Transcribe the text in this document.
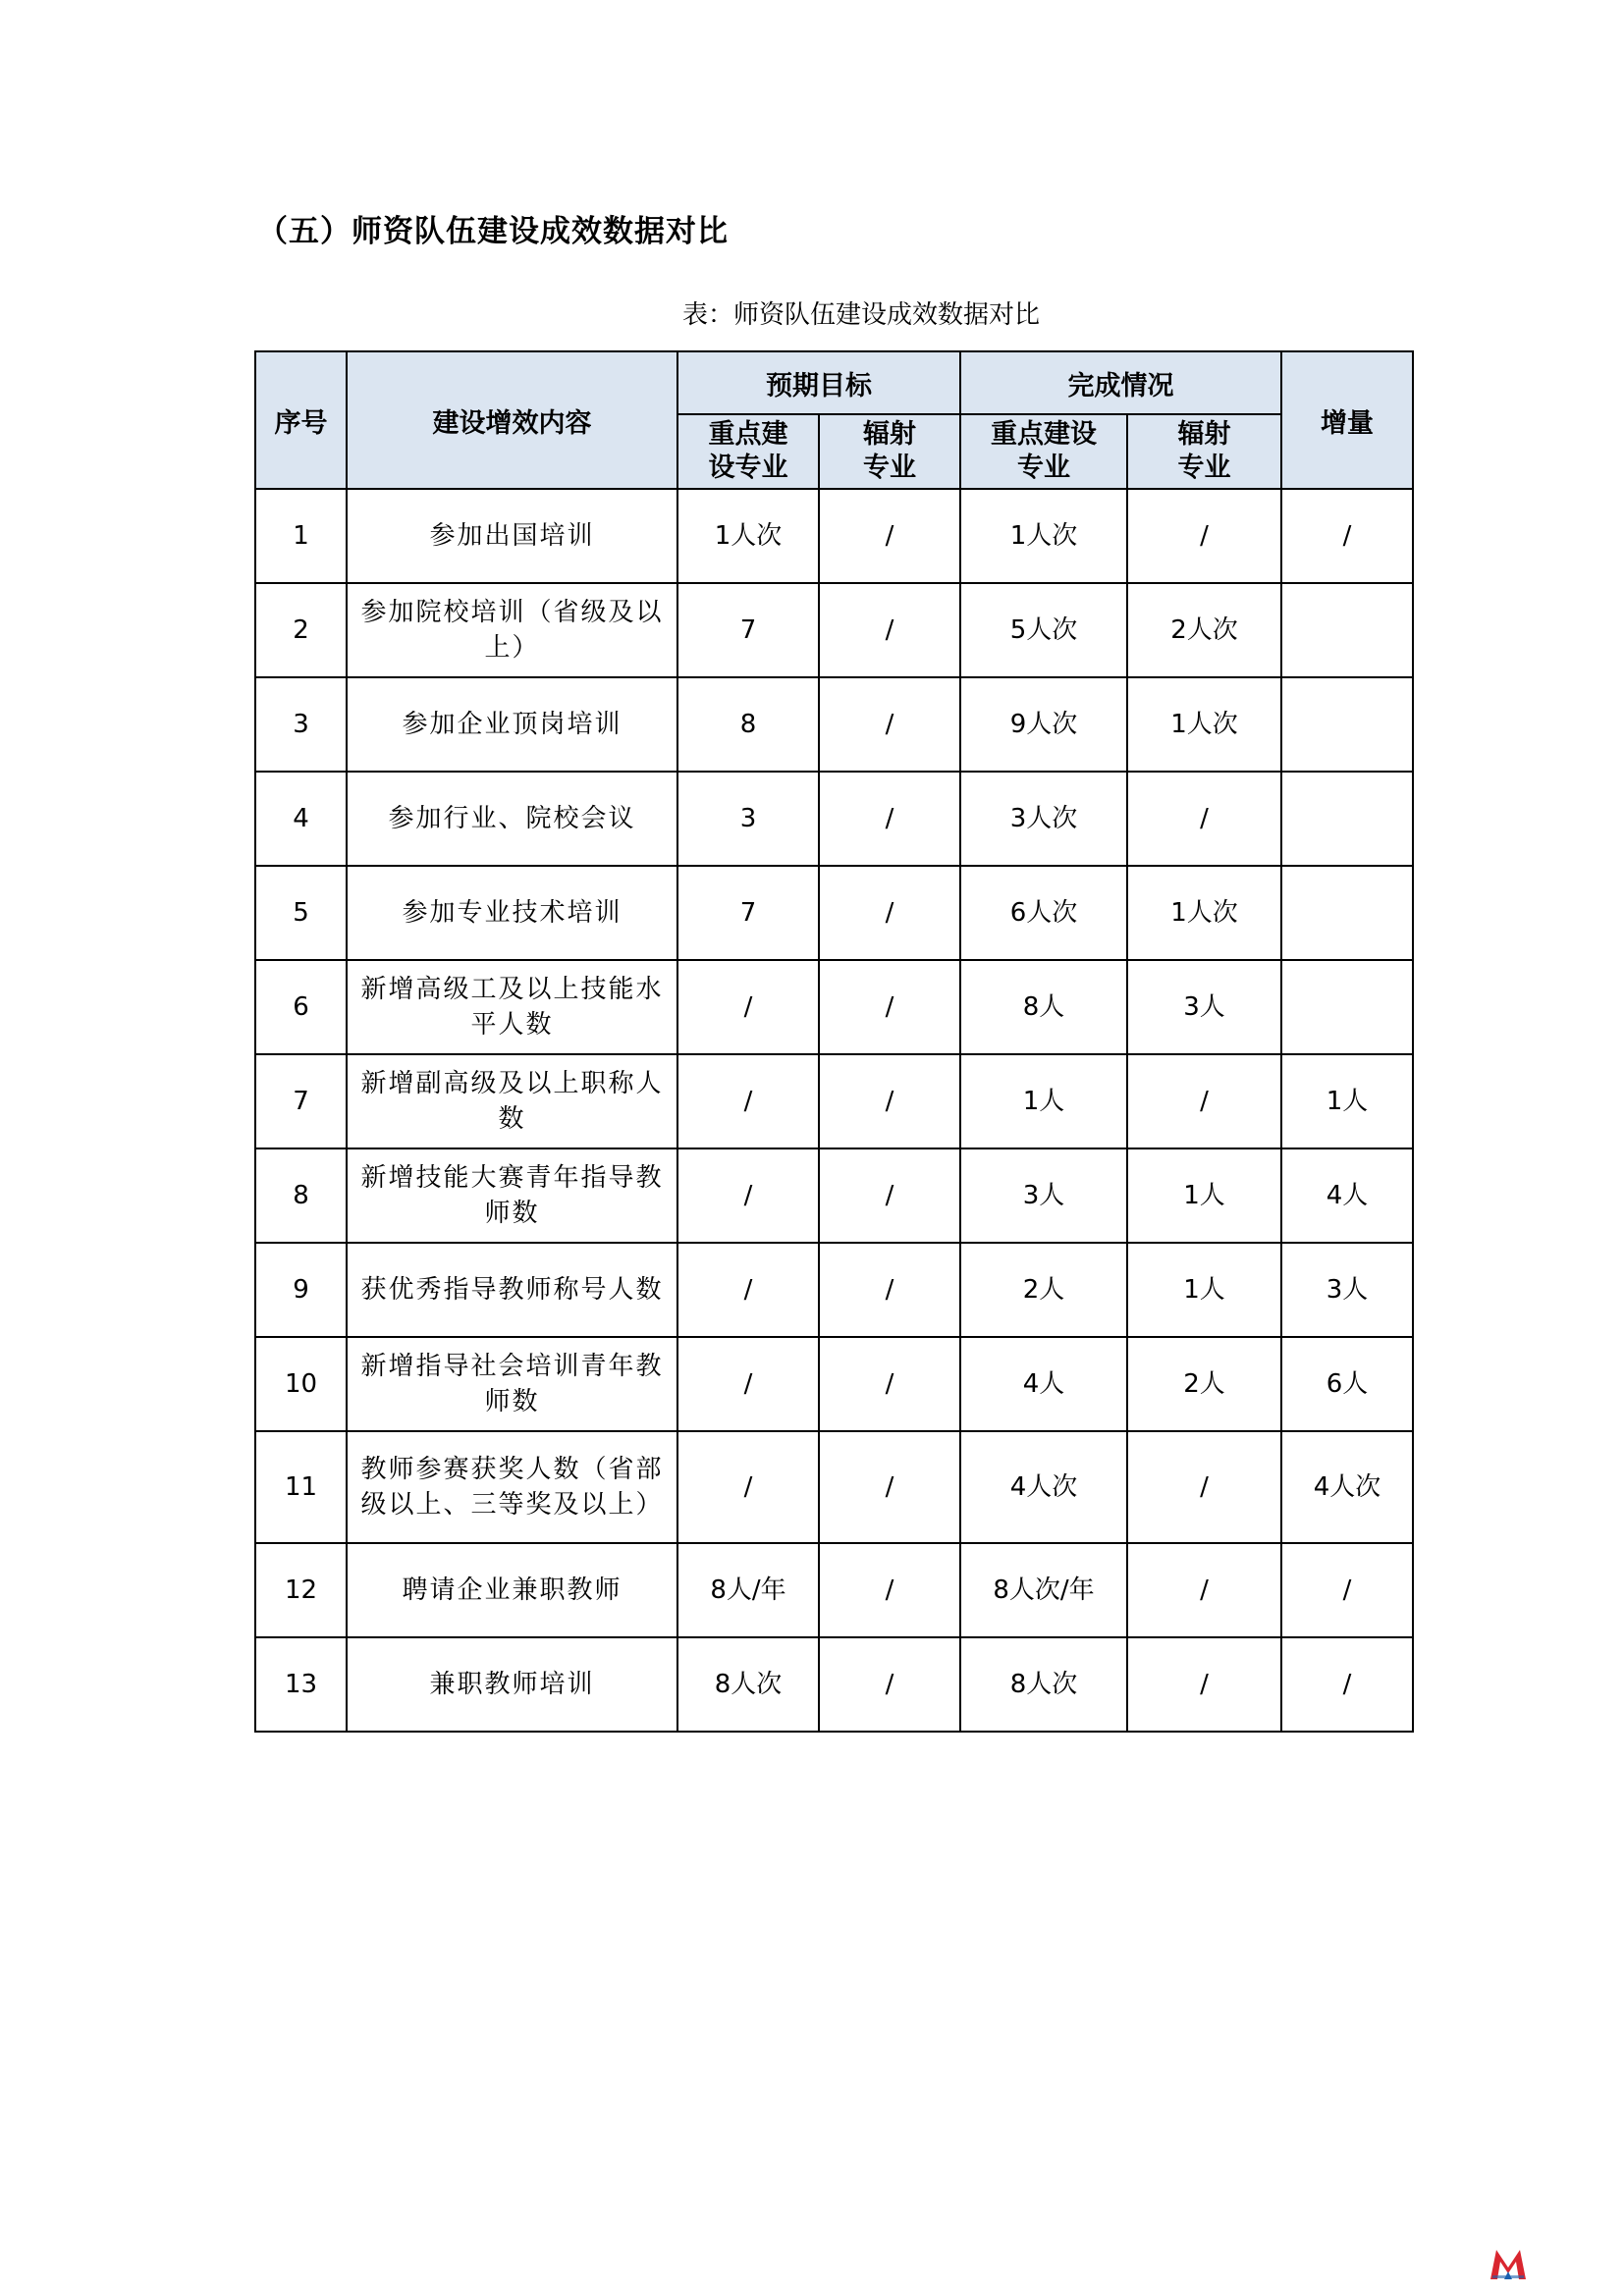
（五）师资队伍建设成效数据对比
表：师资队伍建设成效数据对比
序号	建设增效内容	预期目标		完成情况		增量
		重点建设专业	辐射专业	重点建设专业	辐射专业	
1	参加出国培训	1人次	/	1人次	/	/
2	参加院校培训（省级及以上）	7	/	5人次	2人次	
3	参加企业顶岗培训	8	/	9人次	1人次	
4	参加行业、院校会议	3	/	3人次	/	
5	参加专业技术培训	7	/	6人次	1人次	
6	新增高级工及以上技能水平人数	/	/	8人	3人	
7	新增副高级及以上职称人数	/	/	1人	/	1人
8	新增技能大赛青年指导教师数	/	/	3人	1人	4人
9	获优秀指导教师称号人数	/	/	2人	1人	3人
10	新增指导社会培训青年教师数	/	/	4人	2人	6人
11	教师参赛获奖人数（省部级以上、三等奖及以上）	/	/	4人次	/	4人次
12	聘请企业兼职教师	8人/年	/	8人次/年	/	/
13	兼职教师培训	8人次	/	8人次	/	/
